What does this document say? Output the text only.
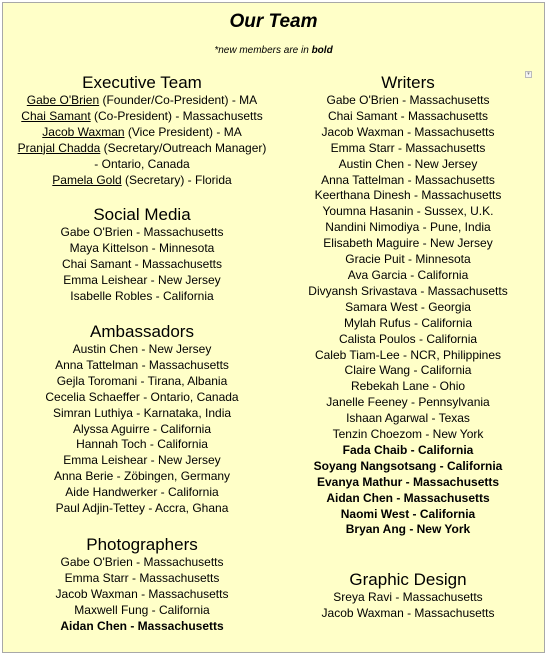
Our Team
*new members are in bold
▾
Executive Team
Gabe O'Brien (Founder/Co-President) - MA
Chai Samant (Co-President) - Massachusetts
Jacob Waxman (Vice President) - MA
Pranjal Chadda (Secretary/Outreach Manager)
- Ontario, Canada
Pamela Gold (Secretary) - Florida
Social Media
Gabe O'Brien - Massachusetts
Maya Kittelson - Minnesota
Chai Samant - Massachusetts
Emma Leishear - New Jersey
Isabelle Robles - California
Ambassadors
Austin Chen - New Jersey
Anna Tattelman - Massachusetts
Gejla Toromani - Tirana, Albania
Cecelia Schaeffer - Ontario, Canada
Simran Luthiya - Karnataka, India
Alyssa Aguirre - California
Hannah Toch - California
Emma Leishear - New Jersey
Anna Berie - Zöbingen, Germany
Aide Handwerker - California
Paul Adjin-Tettey - Accra, Ghana
Photographers
Gabe O'Brien - Massachusetts
Emma Starr - Massachusetts
Jacob Waxman - Massachusetts
Maxwell Fung - California
Aidan Chen - Massachusetts
Writers
Gabe O'Brien - Massachusetts
Chai Samant - Massachusetts
Jacob Waxman - Massachusetts
Emma Starr - Massachusetts
Austin Chen - New Jersey
Anna Tattelman - Massachusetts
Keerthana Dinesh - Massachusetts
Youmna Hasanin - Sussex, U.K.
Nandini Nimodiya - Pune, India
Elisabeth Maguire - New Jersey
Gracie Puit - Minnesota
Ava Garcia - California
Divyansh Srivastava - Massachusetts
Samara West - Georgia
Mylah Rufus - California
Calista Poulos - California
Caleb Tiam-Lee - NCR, Philippines
Claire Wang - California
Rebekah Lane - Ohio
Janelle Feeney - Pennsylvania
Ishaan Agarwal - Texas
Tenzin Choezom - New York
Fada Chaib - California
Soyang Nangsotsang - California
Evanya Mathur - Massachusetts
Aidan Chen - Massachusetts
Naomi West - California
Bryan Ang - New York
Graphic Design
Sreya Ravi - Massachusetts
Jacob Waxman - Massachusetts
